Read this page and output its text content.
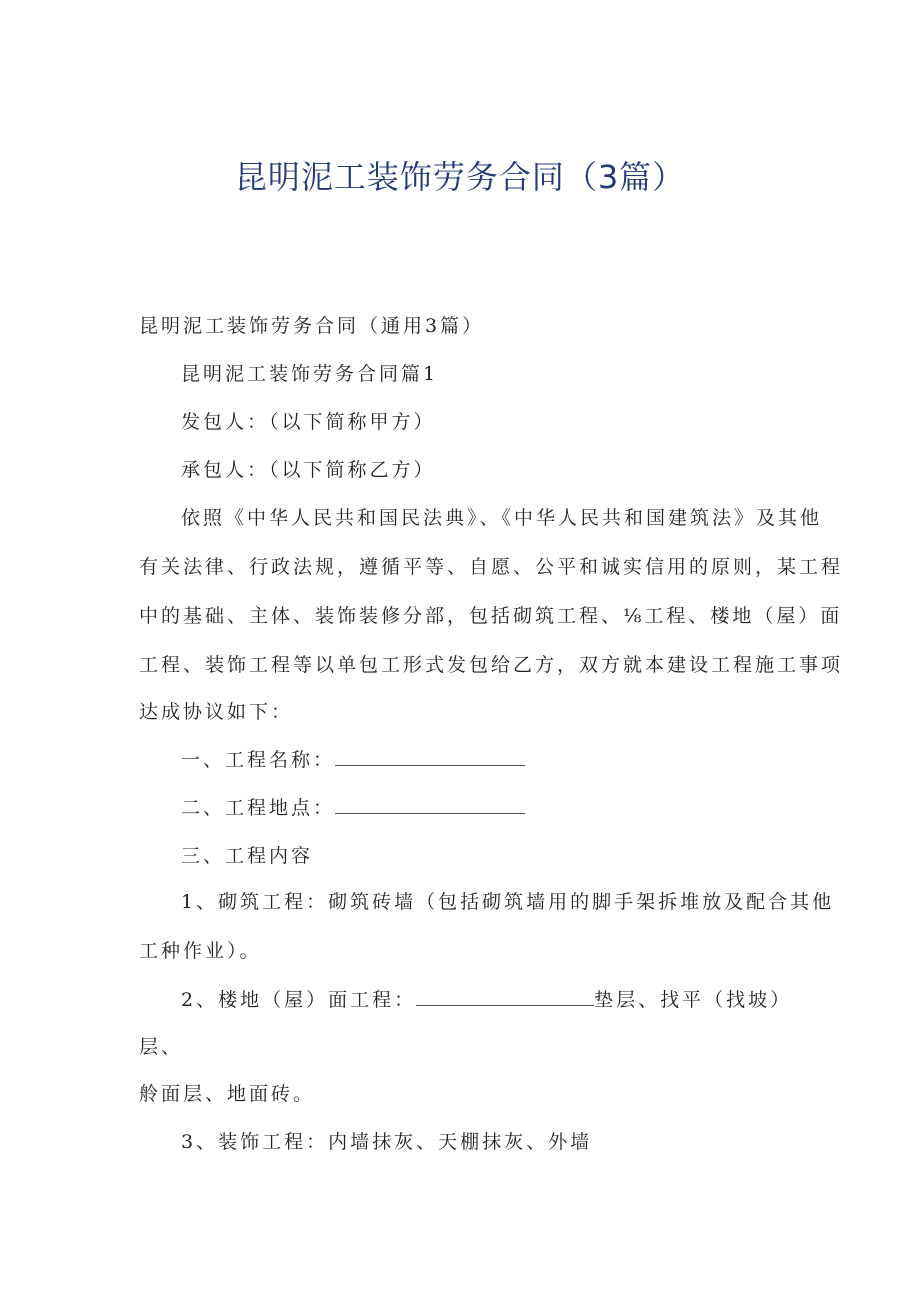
昆明泥工装饰劳务合同（3篇）

昆明泥工装饰劳务合同（通用3篇）

昆明泥工装饰劳务合同篇1

发包人：（以下简称甲方）

承包人：（以下简称乙方）

依照《中华人民共和国民法典》、《中华人民共和国建筑法》及其他

有关法律、行政法规，遵循平等、自愿、公平和诚实信用的原则，某工程

中的基础、主体、装饰装修分部，包括砌筑工程、⅛工程、楼地（屋）面

工程、装饰工程等以单包工形式发包给乙方，双方就本建设工程施工事项

达成协议如下：

一、工程名称：

二、工程地点：

三、工程内容

1、砌筑工程：砌筑砖墙（包括砌筑墙用的脚手架拆堆放及配合其他

工种作业）。

2、楼地（屋）面工程：	垫层、找平（找坡）

层、

舲面层、地面砖。

3、装饰工程：内墙抹灰、天棚抹灰、外墙
